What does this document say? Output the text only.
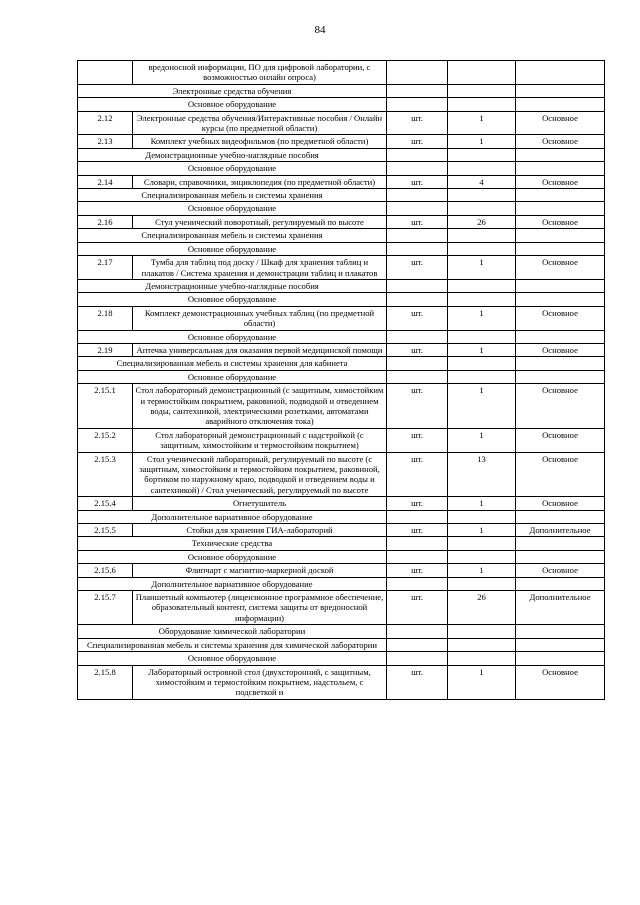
84
	вредоносной информации, ПО для цифровой лаборатории, с возможностью онлайн опроса)			
Электронные средства обучения				
Основное оборудование				
2.12	Электронные средства обучения/Интерактивные пособия / Онлайн курсы (по предметной области)	шт.	1	Основное
2.13	Комплект учебных видеофильмов (по предметной области)	шт.	1	Основное
Демонстрационные учебно-наглядные пособия				
Основное оборудование				
2.14	Словари, справочники, энциклопедия (по предметной области)	шт.	4	Основное
Специализированная мебель и системы хранения				
Основное оборудование				
2.16	Стул ученический поворотный, регулируемый по высоте	шт.	26	Основное
Специализированная мебель и системы хранения				
Основное оборудование				
2.17	Тумба для таблиц под доску / Шкаф для хранения таблиц и плакатов / Система хранения и демонстрации таблиц и плакатов	шт.	1	Основное
Демонстрационные учебно-наглядные пособия				
Основное оборудование				
2.18	Комплект демонстрационных учебных таблиц (по предметной области)	шт.	1	Основное
Основное оборудование				
2.19	Аптечка универсальная для оказания первой медицинской помощи	шт.	1	Основное
Специализированная мебель и системы хранения для кабинета				
Основное оборудование				
2.15.1	Стол лабораторный демонстрационный (с защитным, химостойким и термостойким покрытием, раковиной, подводкой и отведением воды, сантехникой, электрическими розетками, автоматами аварийного отключения тока)	шт.	1	Основное
2.15.2	Стол лабораторный демонстрационный с надстройкой (с защитным, химостойким и термостойким покрытием)	шт.	1	Основное
2.15.3	Стол ученический лабораторный, регулируемый по высоте (с защитным, химостойким и термостойким покрытием, раковиной, бортиком по наружному краю, подводкой и отведением воды и сантехникой) / Стол ученический, регулируемый по высоте	шт.	13	Основное
2.15.4	Огнетушитель	шт.	1	Основное
Дополнительное вариативное оборудование				
2.15.5	Стойки для хранения ГИА-лабораторий	шт.	1	Дополнительное
Технические средства				
Основное оборудование				
2.15.6	Флипчарт с магнитно-маркерной доской	шт.	1	Основное
Дополнительное вариативное оборудование				
2.15.7	Планшетный компьютер (лицензионное программное обеспечение, образовательный контент, система защиты от вредоносной информации)	шт.	26	Дополнительное
Оборудование химической лаборатории				
Специализированная мебель и системы хранения для химической лаборатории				
Основное оборудование				
2.15.8	Лабораторный островной стол (двухсторонний, с защитным, химостойким и термостойким покрытием, надстольем, с подсветкой и	шт.	1	Основное
